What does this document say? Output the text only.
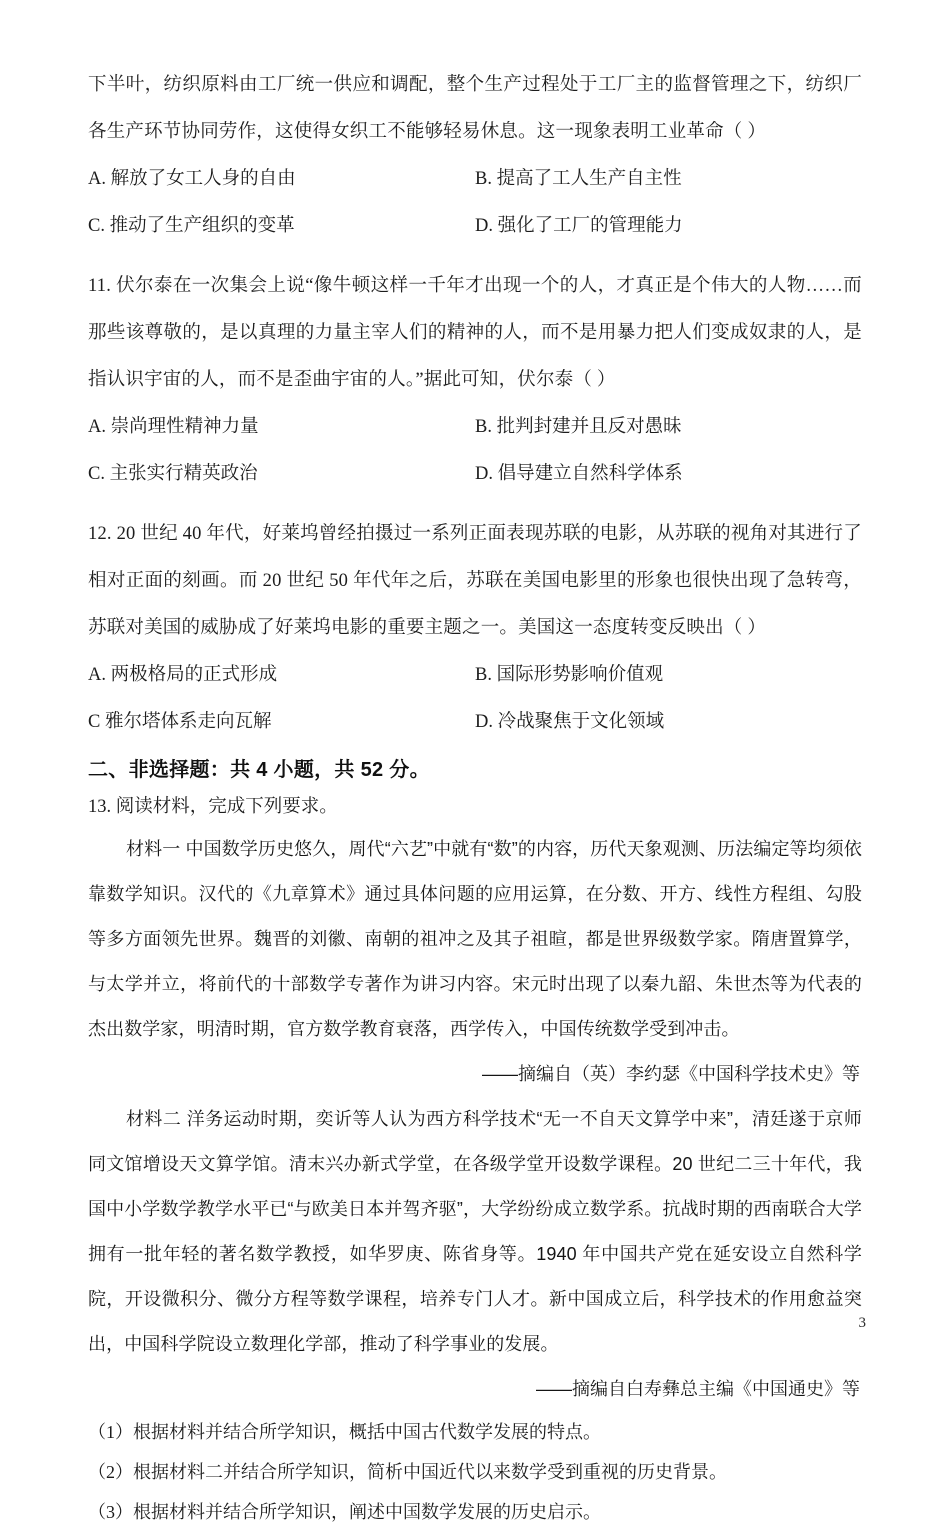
下半叶，纺织原料由工厂统一供应和调配，整个生产过程处于工厂主的监督管理之下，纺织厂各生产环节协同劳作，这使得女织工不能够轻易休息。这一现象表明工业革命（ ）

A. 解放了女工人身的自由	B. 提高了工人生产自主性
C. 推动了生产组织的变革	D. 强化了工厂的管理能力

11. 伏尔泰在一次集会上说“像牛顿这样一千年才出现一个的人，才真正是个伟大的人物……而那些该尊敬的，是以真理的力量主宰人们的精神的人，而不是用暴力把人们变成奴隶的人，是指认识宇宙的人，而不是歪曲宇宙的人。”据此可知，伏尔泰（ ）

A. 崇尚理性精神力量	B. 批判封建并且反对愚昧
C. 主张实行精英政治	D. 倡导建立自然科学体系

12. 20 世纪 40 年代，好莱坞曾经拍摄过一系列正面表现苏联的电影，从苏联的视角对其进行了相对正面的刻画。而 20 世纪 50 年代年之后，苏联在美国电影里的形象也很快出现了急转弯，苏联对美国的威胁成了好莱坞电影的重要主题之一。美国这一态度转变反映出（ ）

A. 两极格局的正式形成	B. 国际形势影响价值观
C 雅尔塔体系走向瓦解	D. 冷战聚焦于文化领域
二、非选择题：共 4 小题，共 52 分。

13. 阅读材料，完成下列要求。

材料一 中国数学历史悠久，周代“六艺”中就有“数”的内容，历代天象观测、历法编定等均须依靠数学知识。汉代的《九章算术》通过具体问题的应用运算，在分数、开方、线性方程组、勾股等多方面领先世界。魏晋的刘徽、南朝的祖冲之及其子祖暄，都是世界级数学家。隋唐置算学，与太学并立，将前代的十部数学专著作为讲习内容。宋元时出现了以秦九韶、朱世杰等为代表的杰出数学家，明清时期，官方数学教育衰落，西学传入，中国传统数学受到冲击。

——摘编自（英）李约瑟《中国科学技术史》等

材料二 洋务运动时期，奕䜣等人认为西方科学技术“无一不自天文算学中来”，清廷遂于京师同文馆增设天文算学馆。清末兴办新式学堂，在各级学堂开设数学课程。20 世纪二三十年代，我国中小学数学教学水平已“与欧美日本并驾齐驱”，大学纷纷成立数学系。抗战时期的西南联合大学拥有一批年轻的著名数学教授，如华罗庚、陈省身等。1940 年中国共产党在延安设立自然科学院，开设微积分、微分方程等数学课程，培养专门人才。新中国成立后，科学技术的作用愈益突出，中国科学院设立数理化学部，推动了科学事业的发展。

——摘编自白寿彝总主编《中国通史》等

（1）根据材料并结合所学知识，概括中国古代数学发展的特点。

（2）根据材料二并结合所学知识，简析中国近代以来数学受到重视的历史背景。

（3）根据材料并结合所学知识，阐述中国数学发展的历史启示。

3
